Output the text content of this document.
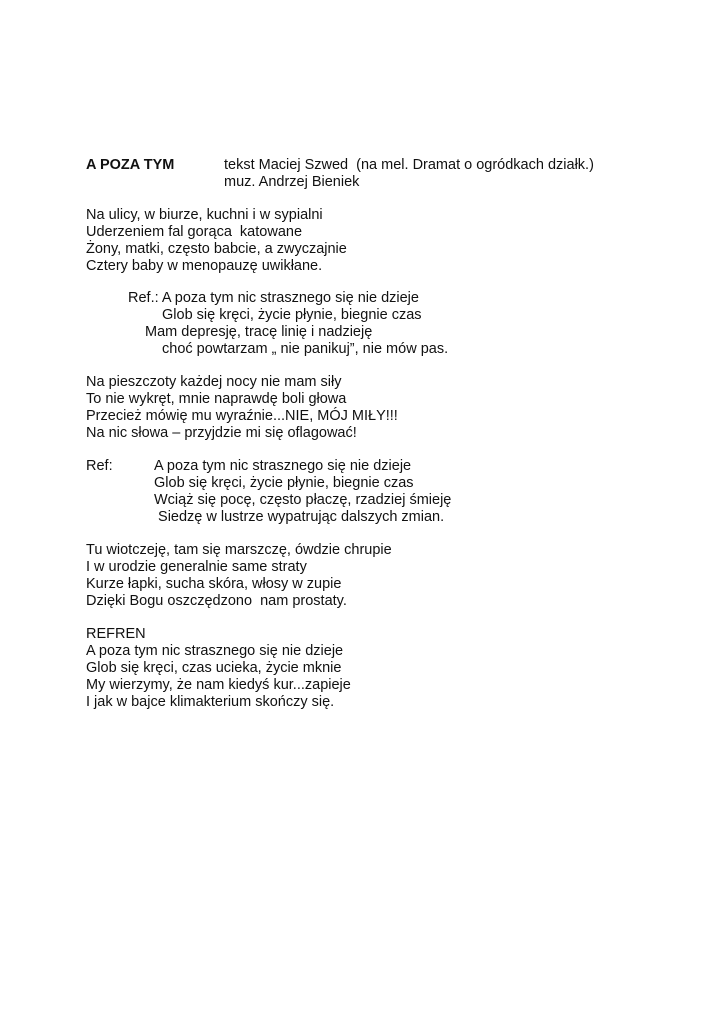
A POZA TYM	tekst Maciej Szwed  (na mel. Dramat o ogródkach działk.)
muz. Andrzej Bieniek
Na ulicy, w biurze, kuchni i w sypialni
Uderzeniem fal gorąca  katowane
Żony, matki, często babcie, a zwyczajnie
Cztery baby w menopauzę uwikłane.
Ref.: A poza tym nic strasznego się nie dzieje
Glob się kręci, życie płynie, biegnie czas
Mam depresję, tracę linię i nadzieję
choć powtarzam „ nie panikuj”, nie mów pas.
Na pieszczoty każdej nocy nie mam siły
To nie wykręt, mnie naprawdę boli głowa
Przecież mówię mu wyraźnie...NIE, MÓJ MIŁY!!!
Na nic słowa – przyjdzie mi się oflagować!
Ref:	A poza tym nic strasznego się nie dzieje
Glob się kręci, życie płynie, biegnie czas
Wciąż się pocę, często płaczę, rzadziej śmieję
Siedzę w lustrze wypatrując dalszych zmian.
Tu wiotczeję, tam się marszczę, ówdzie chrupie
I w urodzie generalnie same straty
Kurze łapki, sucha skóra, włosy w zupie
Dzięki Bogu oszczędzono  nam prostaty.
REFREN
A poza tym nic strasznego się nie dzieje
Glob się kręci, czas ucieka, życie mknie
My wierzymy, że nam kiedyś kur...zapieje
I jak w bajce klimakterium skończy się.
